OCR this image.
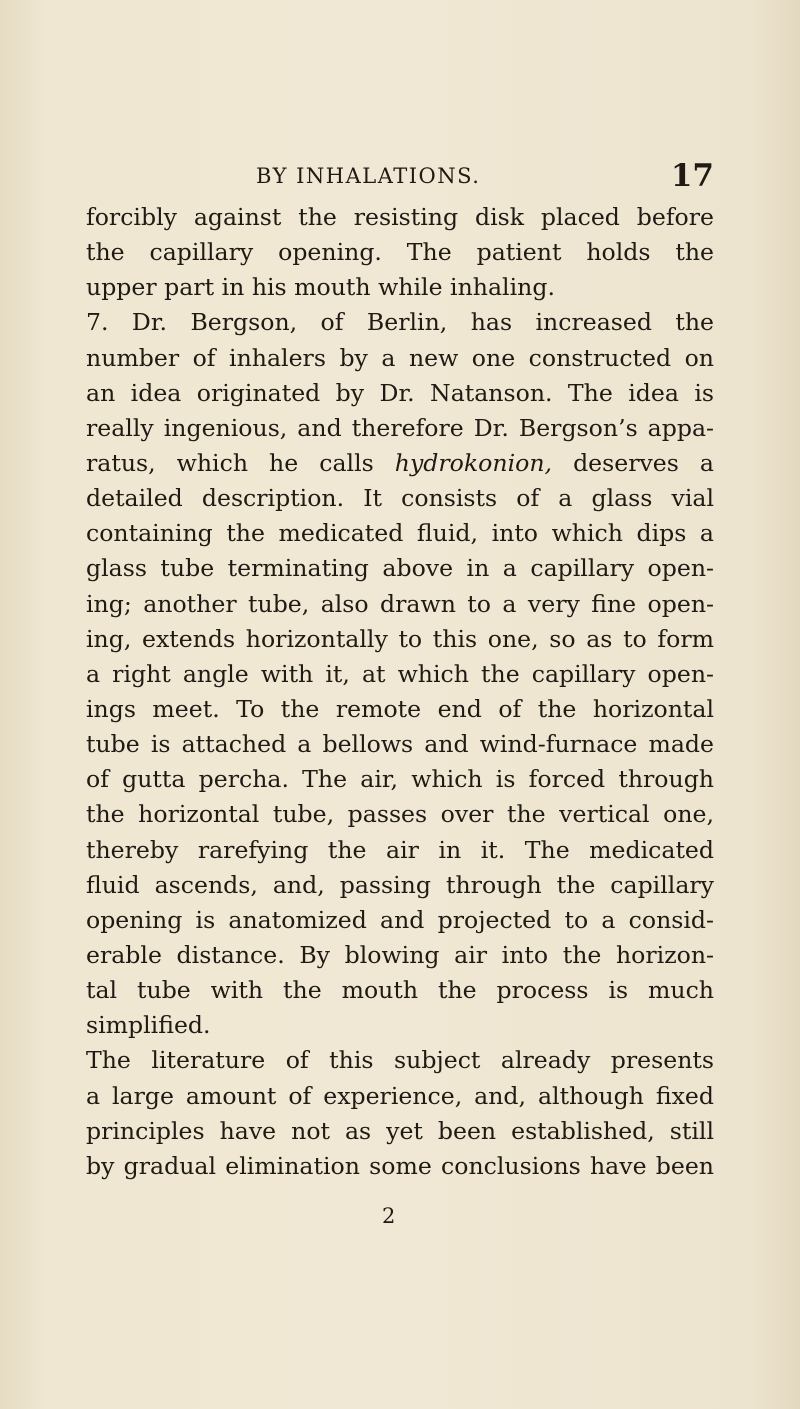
BY INHALATIONS.	17
forcibly against the resisting disk placed before
the capillary opening. The patient holds the
upper part in his mouth while inhaling.
7. Dr. Bergson, of Berlin, has increased the
number of inhalers by a new one constructed on
an idea originated by Dr. Natanson. The idea is
really ingenious, and therefore Dr. Bergson’s appa-
ratus, which he calls hydrokonion, deserves a
detailed description. It consists of a glass vial
containing the medicated fluid, into which dips a
glass tube terminating above in a capillary open-
ing; another tube, also drawn to a very fine open-
ing, extends horizontally to this one, so as to form
a right angle with it, at which the capillary open-
ings meet. To the remote end of the horizontal
tube is attached a bellows and wind-furnace made
of gutta percha. The air, which is forced through
the horizontal tube, passes over the vertical one,
thereby rarefying the air in it. The medicated
fluid ascends, and, passing through the capillary
opening is anatomized and projected to a consid-
erable distance. By blowing air into the horizon-
tal tube with the mouth the process is much
simplified.
The literature of this subject already presents
a large amount of experience, and, although fixed
principles have not as yet been established, still
by gradual elimination some conclusions have been
2
